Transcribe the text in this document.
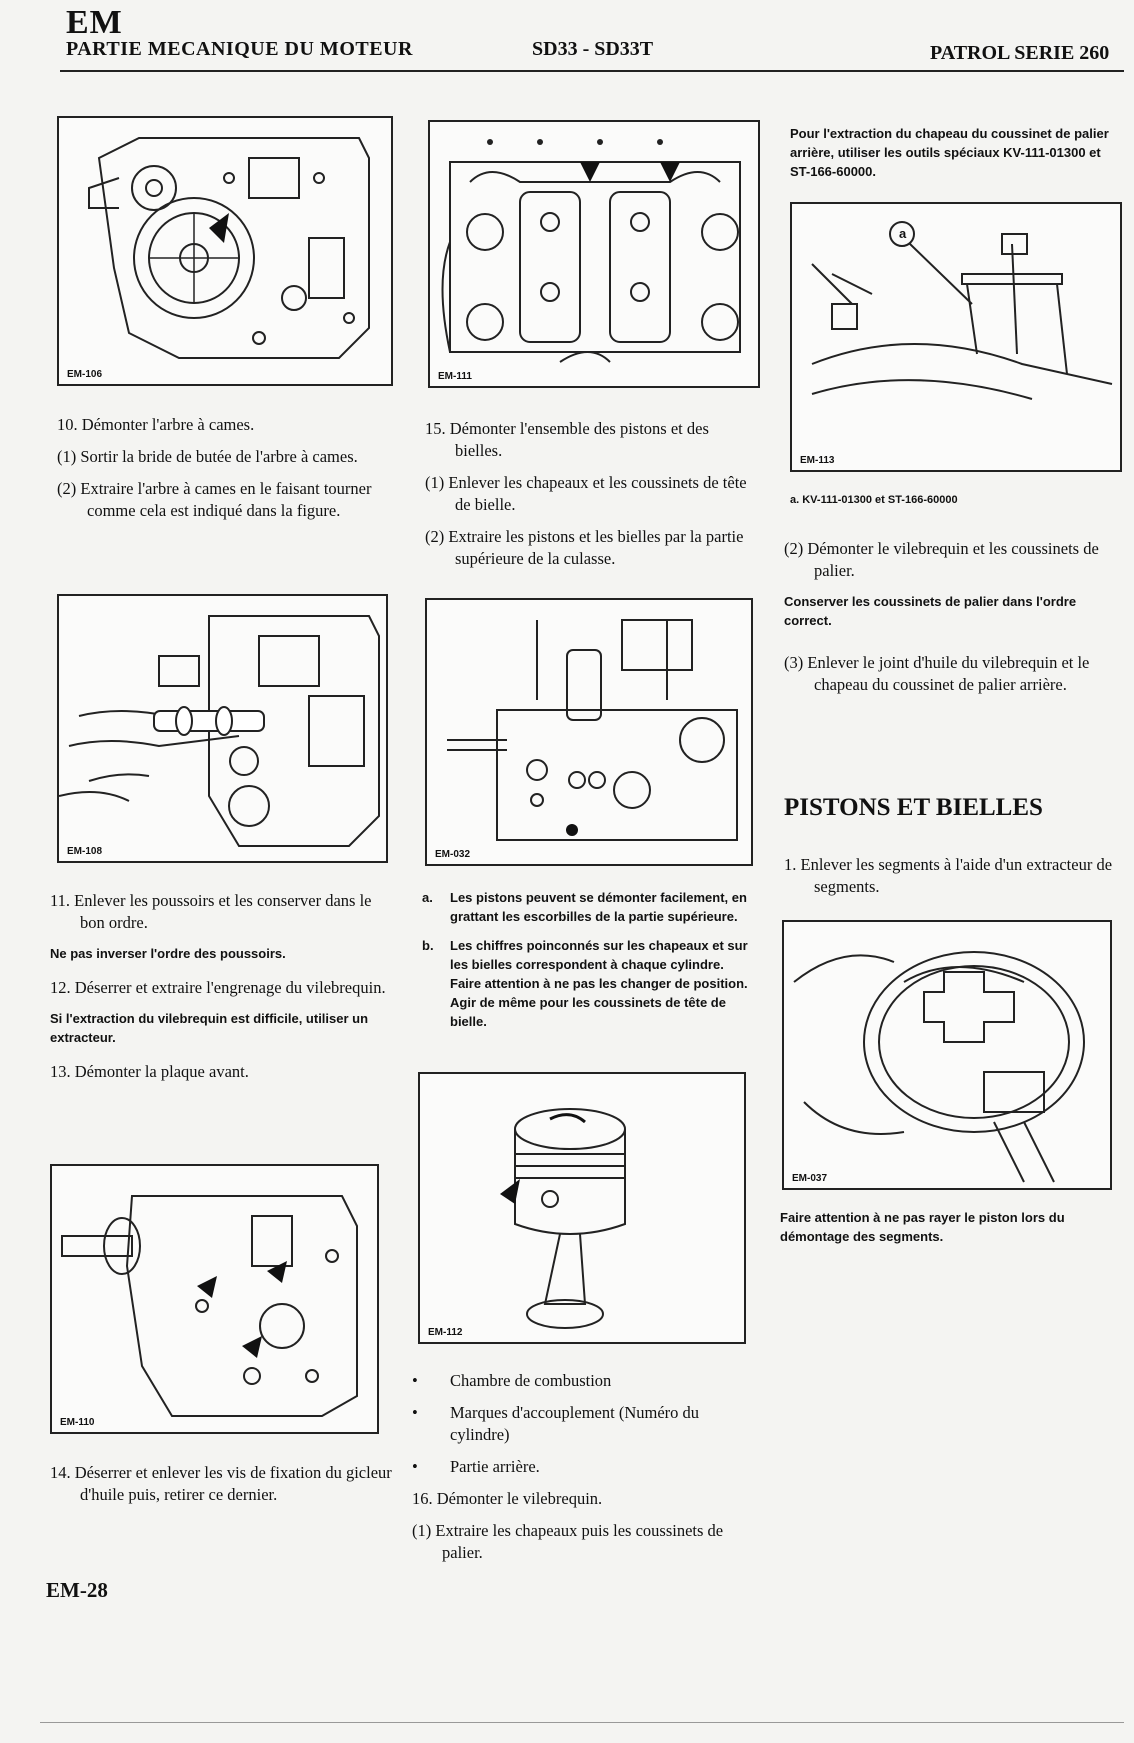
EM
PARTIE MECANIQUE DU MOTEUR	SD33 - SD33T	PATROL SERIE 260
EM-106

10. Démonter l'arbre à cames.

(1) Sortir la bride de butée de l'arbre à cames.

(2) Extraire l'arbre à cames en le faisant tourner comme cela est indiqué dans la figure.

EM-108

11. Enlever les poussoirs et les conserver dans le bon ordre.

Ne pas inverser l'ordre des poussoirs.

12. Déserrer et extraire l'engrenage du vilebrequin.

Si l'extraction du vilebrequin est difficile, utiliser un extracteur.

13. Démonter la plaque avant.

EM-110

14. Déserrer et enlever les vis de fixation du gicleur d'huile puis, retirer ce dernier.

EM-111

15. Démonter l'ensemble des pistons et des bielles.

(1) Enlever les chapeaux et les coussinets de tête de bielle.

(2) Extraire les pistons et les bielles par la partie supérieure de la culasse.

EM-032

a. Les pistons peuvent se démonter facilement, en grattant les escorbilles de la partie supérieure.

b. Les chiffres poinconnés sur les chapeaux et sur les bielles correspondent à chaque cylindre. Faire attention à ne pas les changer de position. Agir de même pour les coussinets de tête de bielle.

EM-112

• Chambre de combustion

• Marques d'accouplement (Numéro du cylindre)

• Partie arrière.

16. Démonter le vilebrequin.

(1) Extraire les chapeaux puis les coussinets de palier.

Pour l'extraction du chapeau du coussinet de palier arrière, utiliser les outils spéciaux KV-111-01300 et ST-166-60000.
a
EM-113
a. KV-111-01300 et ST-166-60000

(2) Démonter le vilebrequin et les coussinets de palier.

Conserver les coussinets de palier dans l'ordre correct.

(3) Enlever le joint d'huile du vilebrequin et le chapeau du coussinet de palier arrière.

PISTONS ET BIELLES

1. Enlever les segments à l'aide d'un extracteur de segments.

EM-037
Faire attention à ne pas rayer le piston lors du démontage des segments.
EM-28
